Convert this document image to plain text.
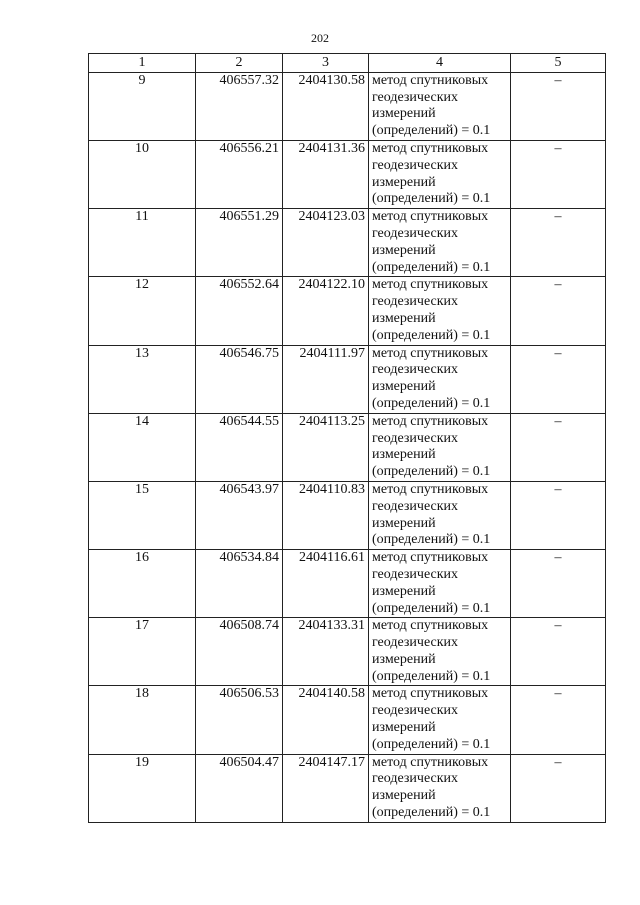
202
1	2	3	4	5
9	406557.32	2404130.58	метод спутниковых
геодезических
измерений
(определений) = 0.1	–
10	406556.21	2404131.36	метод спутниковых
геодезических
измерений
(определений) = 0.1	–
11	406551.29	2404123.03	метод спутниковых
геодезических
измерений
(определений) = 0.1	–
12	406552.64	2404122.10	метод спутниковых
геодезических
измерений
(определений) = 0.1	–
13	406546.75	2404111.97	метод спутниковых
геодезических
измерений
(определений) = 0.1	–
14	406544.55	2404113.25	метод спутниковых
геодезических
измерений
(определений) = 0.1	–
15	406543.97	2404110.83	метод спутниковых
геодезических
измерений
(определений) = 0.1	–
16	406534.84	2404116.61	метод спутниковых
геодезических
измерений
(определений) = 0.1	–
17	406508.74	2404133.31	метод спутниковых
геодезических
измерений
(определений) = 0.1	–
18	406506.53	2404140.58	метод спутниковых
геодезических
измерений
(определений) = 0.1	–
19	406504.47	2404147.17	метод спутниковых
геодезических
измерений
(определений) = 0.1	–
